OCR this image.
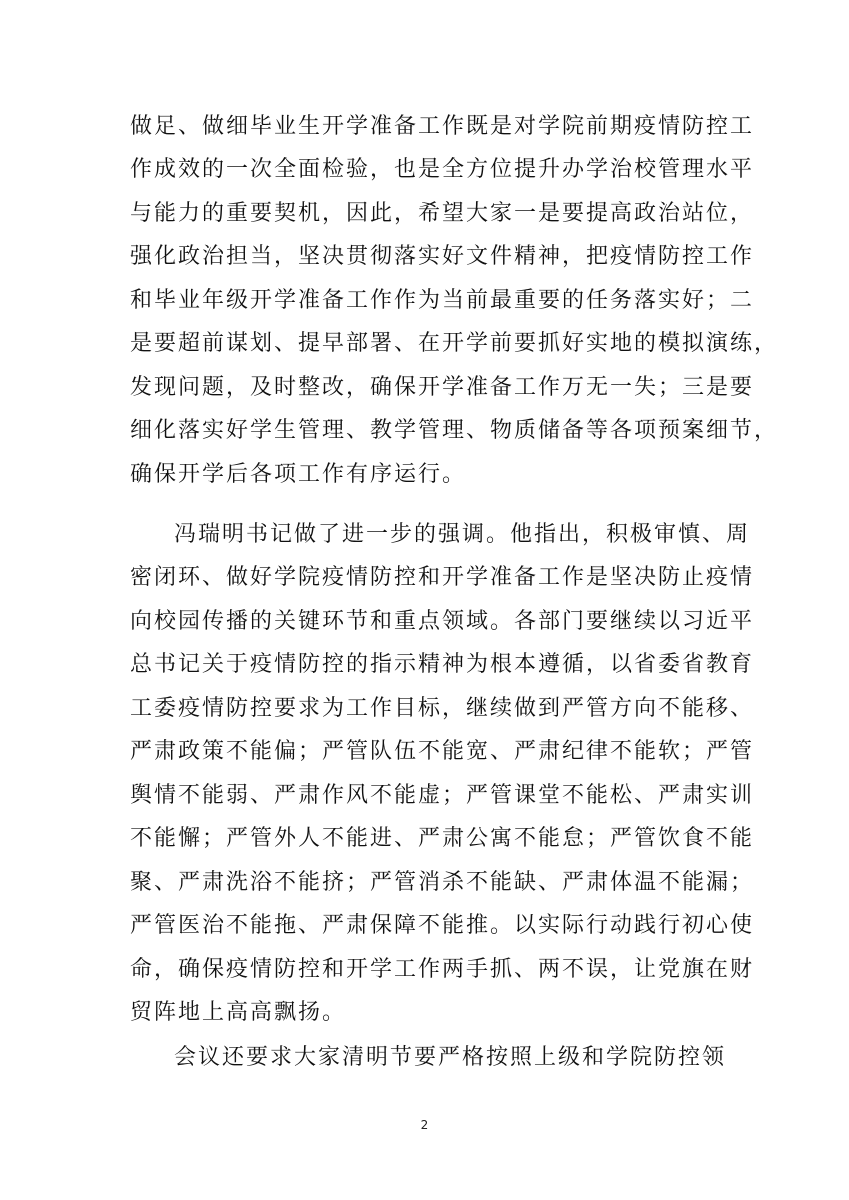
做足、做细毕业生开学准备工作既是对学院前期疫情防控工
作成效的一次全面检验，也是全方位提升办学治校管理水平
与能力的重要契机，因此，希望大家一是要提高政治站位，
强化政治担当，坚决贯彻落实好文件精神，把疫情防控工作
和毕业年级开学准备工作作为当前最重要的任务落实好；二
是要超前谋划、提早部署、在开学前要抓好实地的模拟演练，
发现问题，及时整改，确保开学准备工作万无一失；三是要
细化落实好学生管理、教学管理、物质储备等各项预案细节，
确保开学后各项工作有序运行。
冯瑞明书记做了进一步的强调。他指出，积极审慎、周
密闭环、做好学院疫情防控和开学准备工作是坚决防止疫情
向校园传播的关键环节和重点领域。各部门要继续以习近平
总书记关于疫情防控的指示精神为根本遵循，以省委省教育
工委疫情防控要求为工作目标，继续做到严管方向不能移、
严肃政策不能偏；严管队伍不能宽、严肃纪律不能软；严管
舆情不能弱、严肃作风不能虚；严管课堂不能松、严肃实训
不能懈；严管外人不能进、严肃公寓不能怠；严管饮食不能
聚、严肃洗浴不能挤；严管消杀不能缺、严肃体温不能漏；
严管医治不能拖、严肃保障不能推。以实际行动践行初心使
命，确保疫情防控和开学工作两手抓、两不误，让党旗在财
贸阵地上高高飘扬。
会议还要求大家清明节要严格按照上级和学院防控领
2
